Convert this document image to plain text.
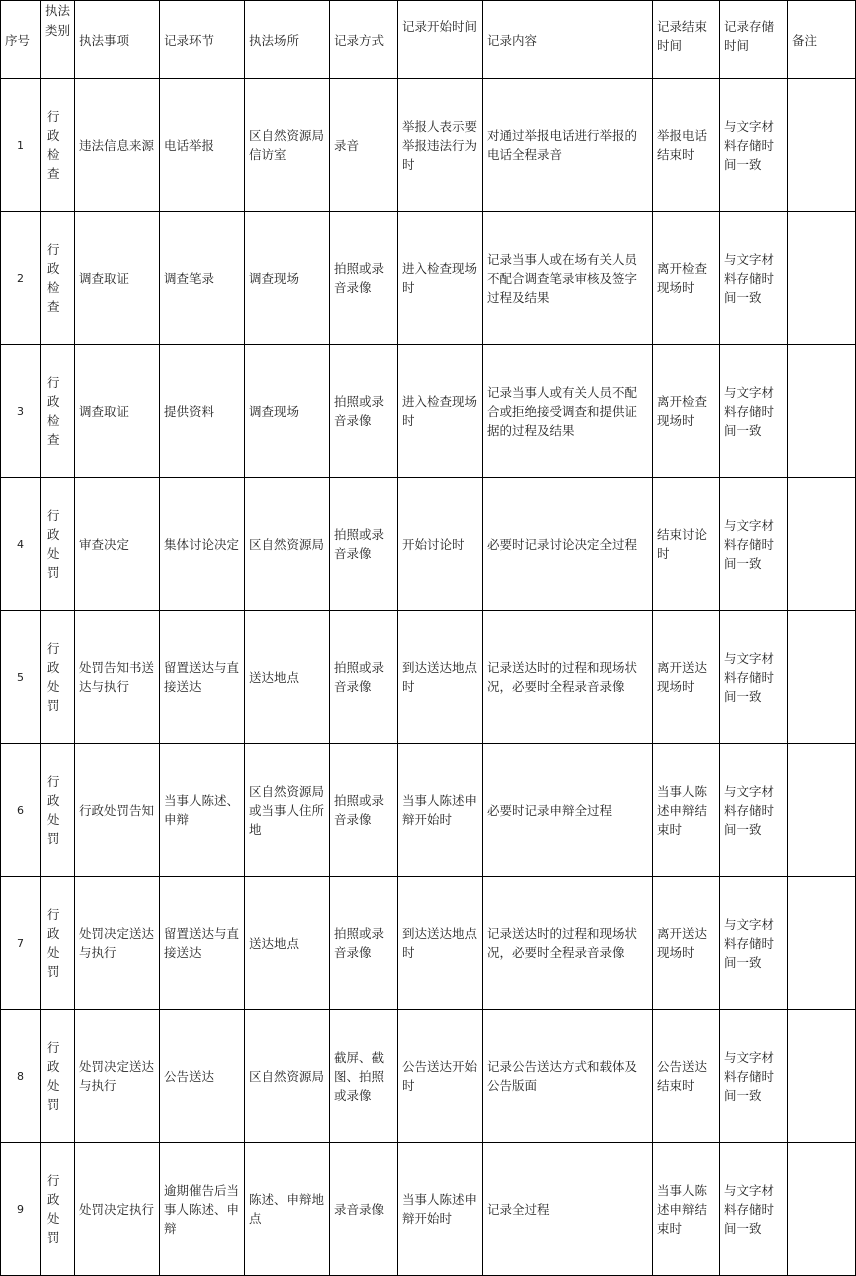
序号	执法类别	执法事项	记录环节	执法场所	记录方式	记录开始时间	记录内容	记录结束时间	记录存储时间	备注
1	行政检查	违法信息来源	电话举报	区自然资源局信访室	录音	举报人表示要举报违法行为时	对通过举报电话进行举报的电话全程录音	举报电话结束时	与文字材料存储时间一致	
2	行政检查	调查取证	调查笔录	调查现场	拍照或录音录像	进入检查现场时	记录当事人或在场有关人员不配合调查笔录审核及签字过程及结果	离开检查现场时	与文字材料存储时间一致	
3	行政检查	调查取证	提供资料	调查现场	拍照或录音录像	进入检查现场时	记录当事人或有关人员不配合或拒绝接受调查和提供证据的过程及结果	离开检查现场时	与文字材料存储时间一致	
4	行政处罚	审查决定	集体讨论决定	区自然资源局	拍照或录音录像	开始讨论时	必要时记录讨论决定全过程	结束讨论时	与文字材料存储时间一致	
5	行政处罚	处罚告知书送达与执行	留置送达与直接送达	送达地点	拍照或录音录像	到达送达地点时	记录送达时的过程和现场状况，必要时全程录音录像	离开送达现场时	与文字材料存储时间一致	
6	行政处罚	行政处罚告知	当事人陈述、申辩	区自然资源局或当事人住所地	拍照或录音录像	当事人陈述申辩开始时	必要时记录申辩全过程	当事人陈述申辩结束时	与文字材料存储时间一致	
7	行政处罚	处罚决定送达与执行	留置送达与直接送达	送达地点	拍照或录音录像	到达送达地点时	记录送达时的过程和现场状况，必要时全程录音录像	离开送达现场时	与文字材料存储时间一致	
8	行政处罚	处罚决定送达与执行	公告送达	区自然资源局	截屏、截图、拍照或录像	公告送达开始时	记录公告送达方式和载体及公告版面	公告送达结束时	与文字材料存储时间一致	
9	行政处罚	处罚决定执行	逾期催告后当事人陈述、申辩	陈述、申辩地点	录音录像	当事人陈述申辩开始时	记录全过程	当事人陈述申辩结束时	与文字材料存储时间一致	
